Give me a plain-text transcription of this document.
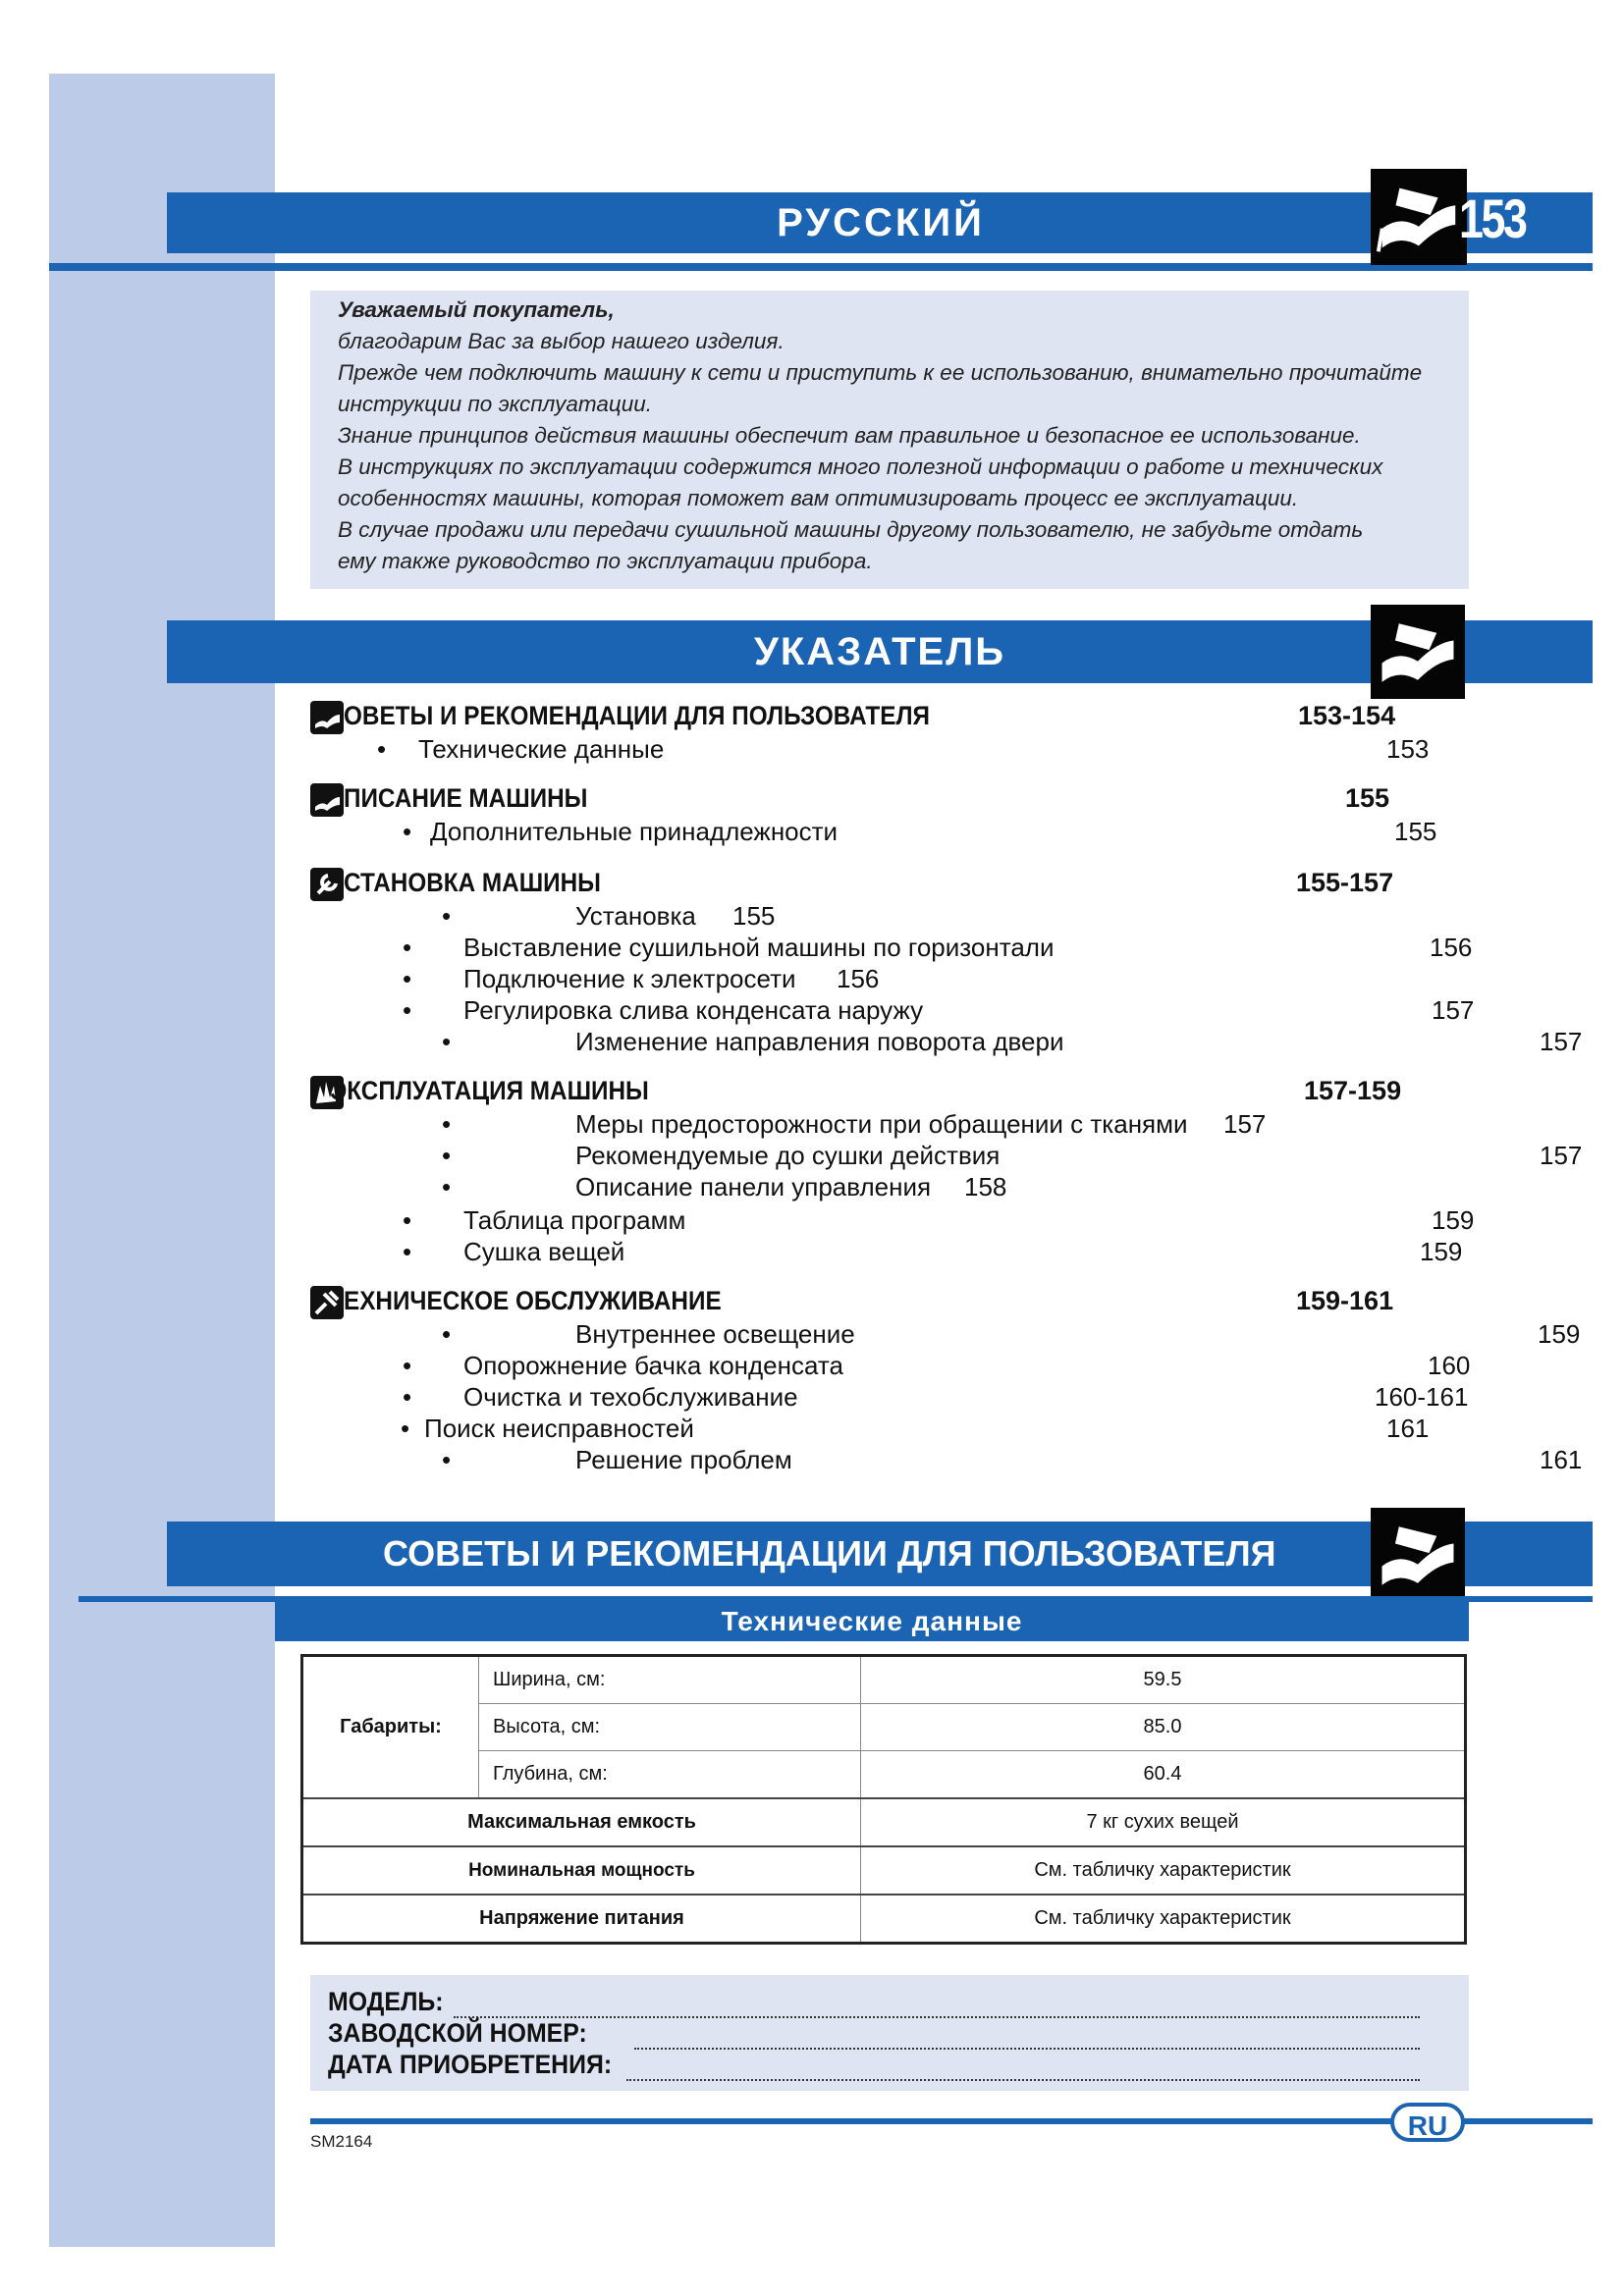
РУССКИЙ	153

Уважаемый покупатель,

благодарим Вас за выбор нашего изделия.

Прежде чем подключить машину к сети и приступить к ее использованию, внимательно прочитайте

инструкции по эксплуатации.

Знание принципов действия машины обеспечит вам правильное и безопасное ее использование.

В инструкциях по эксплуатации содержится много полезной информации о работе и технических

особенностях машины, которая поможет вам оптимизировать процесс ее эксплуатации.

В случае продажи или передачи сушильной машины другому пользователю, не забудьте отдать

ему также руководство по эксплуатации прибора.

УКАЗАТЕЛЬ
ОВЕТЫ И РЕКОМЕНДАЦИИ ДЛЯ ПОЛЬЗОВАТЕЛЯ	153-154
• Технические данные	153
ПИСАНИЕ МАШИНЫ	155
• Дополнительные принадлежности	155
СТАНОВКА МАШИНЫ	155-157
•	Установка 155
• Выставление сушильной машины по горизонтали	156
• Подключение к электросети 156
• Регулировка слива конденсата наружу	157
•	Изменение направления поворота двери	157
ЭКСПЛУАТАЦИЯ МАШИНЫ	157-159
•	Меры предосторожности при обращении с тканями 157
•	Рекомендуемые до сушки действия	157
•	Описание панели управления 158
• Таблица программ	159
• Сушка вещей	159
ЕХНИЧЕСКОЕ ОБСЛУЖИВАНИЕ	159-161
•	Внутреннее освещение	159
• Опорожнение бачка конденсата	160
• Очистка и техобслуживание	160-161
• Поиск неисправностей	161
•	Решение проблем	161
СОВЕТЫ И РЕКОМЕНДАЦИИ ДЛЯ ПОЛЬЗОВАТЕЛЯ
Технические данные
Габариты:	Ширина, см:	59.5
	Высота, см:	85.0
	Глубина, см:	60.4
Максимальная емкость		7 кг сухих вещей
Номинальная мощность		См. табличку характеристик
Напряжение питания		См. табличку характеристик
МОДЕЛЬ:
ЗАВОДСКОЙ НОМЕР:
ДАТА ПРИОБРЕТЕНИЯ:
RU
SM2164
